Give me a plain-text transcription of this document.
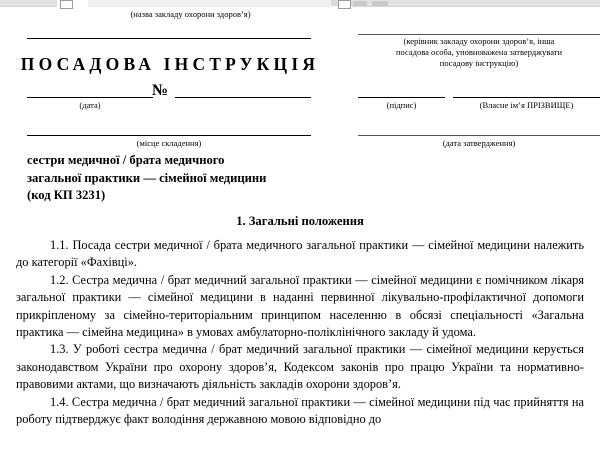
(назва закладу охорони здоров’я)
ПОСАДОВА ІНСТРУКЦІЯ
№
(дата)
(місце складення)
(керівник закладу охорони здоров’я, інша
посадова особа, уповноважена затверджувати
посадову інструкцію)
(підпис)	(Власне ім’я ПРІЗВИЩЕ)
(дата затвердження)
сестри медичної / брата медичного
загальної практики — сімейної медицини
(код КП 3231)
1. Загальні положення

1.1. Посада сестри медичної / брата медичного загальної практики — сімейної медицини належить до категорії «Фахівці».

1.2. Сестра медична / брат медичний загальної практики — сімейної медицини є помічником лікаря загальної практики — сімейної медицини в наданні первинної лікувально-профілактичної допомоги прикріпленому за сімейно-територіальним принципом населенню в обсязі спеціальності «Загальна практика — сімейна медицина» в умовах амбулаторно-поліклінічного закладу й удома.

1.3. У роботі сестра медична / брат медичний загальної практики — сімейної медицини керується законодавством України про охорону здоров’я, Кодексом законів про працю України та нормативно-правовими актами, що визначають діяльність закладів охорони здоров’я.

1.4. Сестра медична / брат медичний загальної практики — сімейної медицини під час прийняття на роботу підтверджує факт володіння державною мовою відповідно до
